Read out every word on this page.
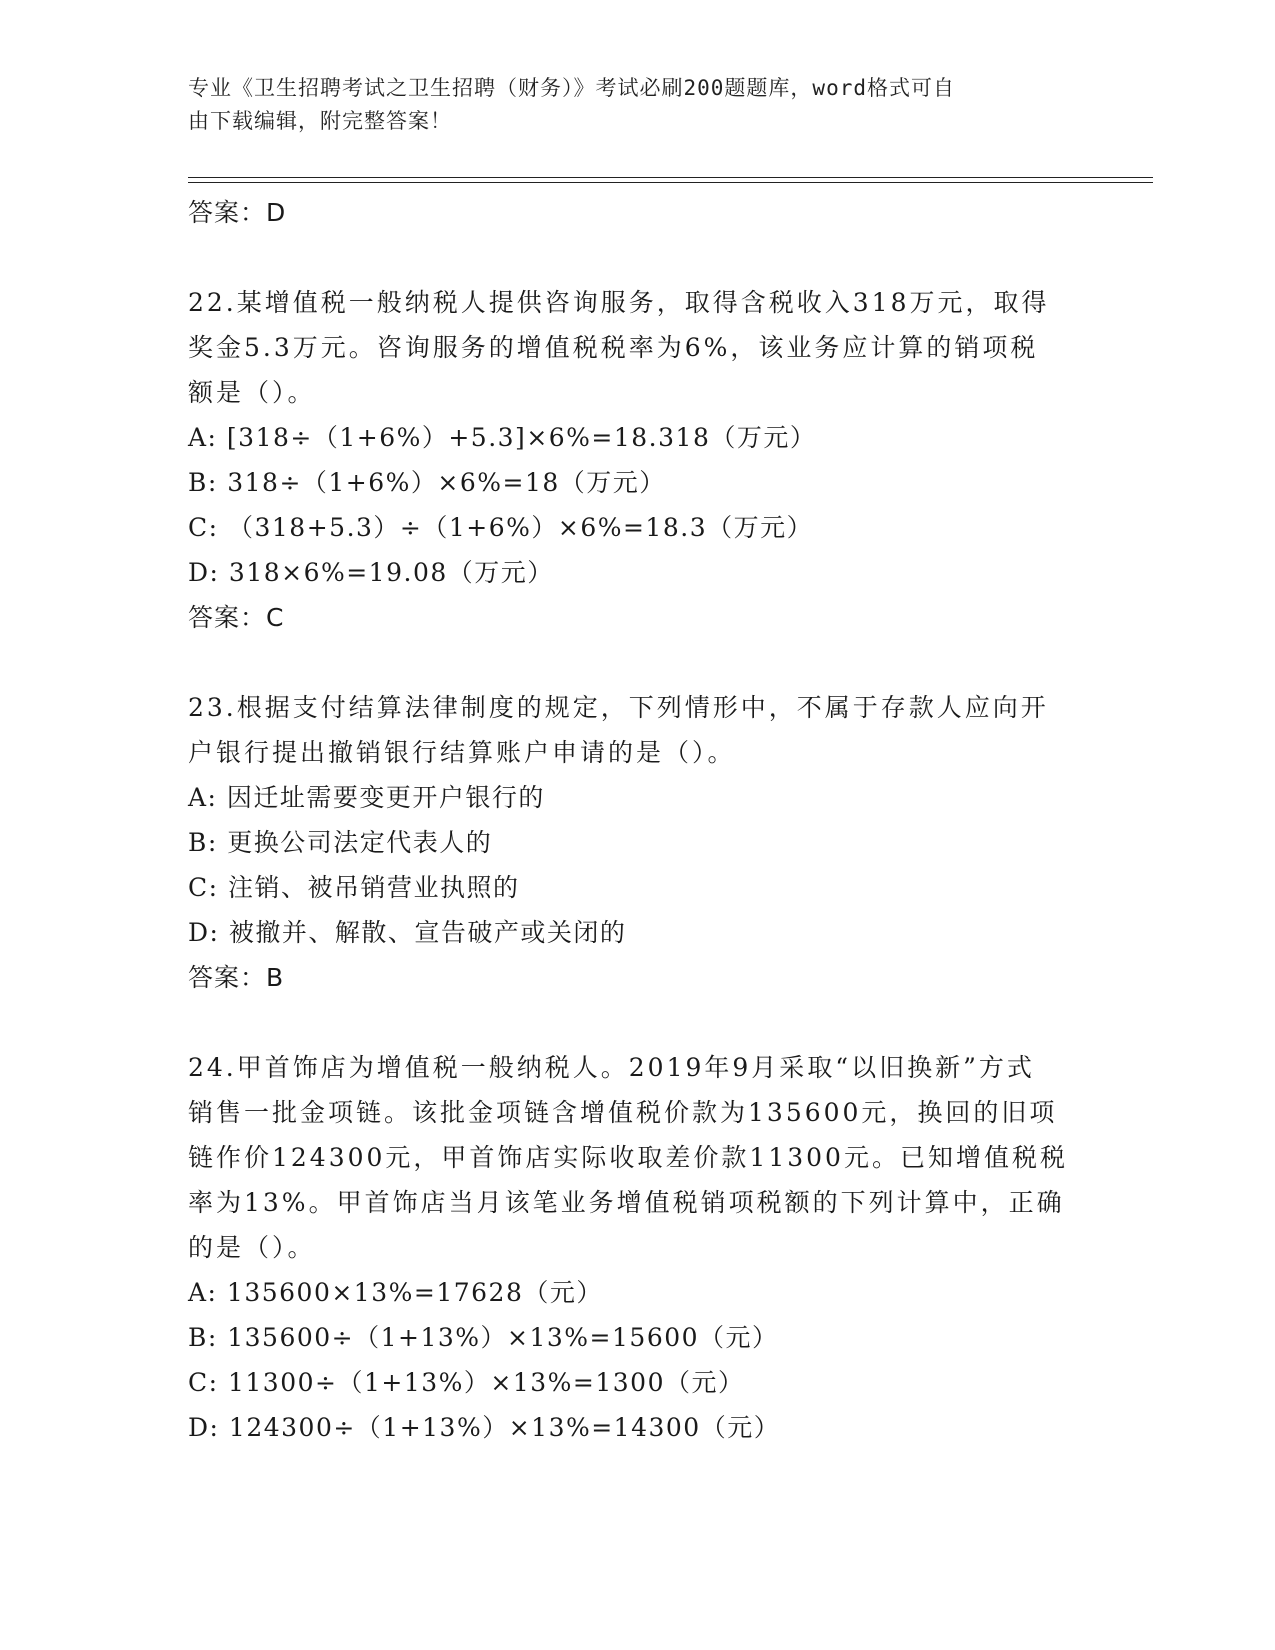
专业《卫生招聘考试之卫生招聘（财务）》考试必刷200题题库，word格式可自
由下载编辑，附完整答案！
答案：D
22.某增值税一般纳税人提供咨询服务，取得含税收入318万元，取得
奖金5.3万元。咨询服务的增值税税率为6%，该业务应计算的销项税
额是（）。
A: [318÷（1+6%）+5.3]×6%=18.318（万元）
B: 318÷（1+6%）×6%=18（万元）
C: （318+5.3）÷（1+6%）×6%=18.3（万元）
D: 318×6%=19.08（万元）
答案：C
23.根据支付结算法律制度的规定，下列情形中，不属于存款人应向开
户银行提出撤销银行结算账户申请的是（）。
A: 因迁址需要变更开户银行的
B: 更换公司法定代表人的
C: 注销、被吊销营业执照的
D: 被撤并、解散、宣告破产或关闭的
答案：B
24.甲首饰店为增值税一般纳税人。2019年9月采取“以旧换新”方式
销售一批金项链。该批金项链含增值税价款为135600元，换回的旧项
链作价124300元，甲首饰店实际收取差价款11300元。已知增值税税
率为13%。甲首饰店当月该笔业务增值税销项税额的下列计算中，正确
的是（）。
A: 135600×13%=17628（元）
B: 135600÷（1+13%）×13%=15600（元）
C: 11300÷（1+13%）×13%=1300（元）
D: 124300÷（1+13%）×13%=14300（元）
